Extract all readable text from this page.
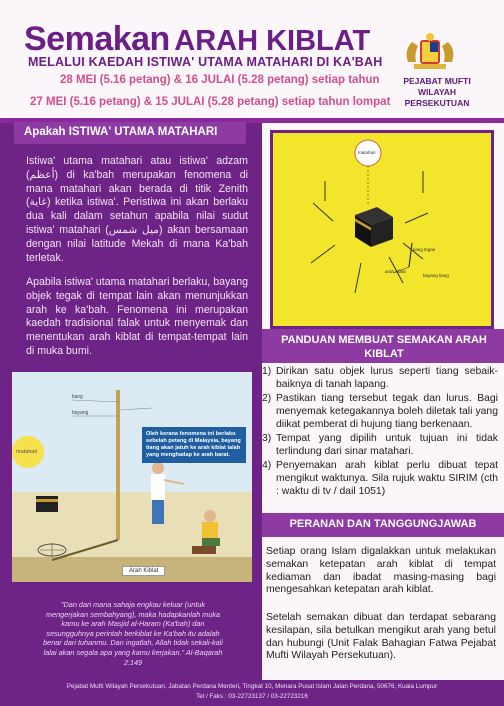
Semakan ARAH KIBLAT
MELALUI KAEDAH ISTIWA' UTAMA MATAHARI DI KA'BAH
28 MEI (5.16 petang) & 16 JULAI (5.28 petang) setiap tahun
27 MEI (5.16 petang) & 15 JULAI (5.28 petang) setiap tahun lompat
PEJABAT MUFTI
WILAYAH PERSEKUTUAN
Apakah ISTIWA' UTAMA MATAHARI
Istiwa' utama matahari atau istiwa' adzam (أعظم) di ka'bah merupakan fenomena di mana matahari akan berada di titik Zenith (غاية) ketika istiwa'. Peristiwa ini akan berlaku dua kali dalam setahun apabila nilai sudut istiwa' matahari (ميل شمس) akan bersamaan dengan nilai latitude Mekah di mana Ka'bah terletak.
Apabila istiwa' utama matahari berlaku, bayang objek tegak di tempat lain akan menunjukkan arah ke ka'bah. Fenomena ini merupakan kaedah tradisional falak untuk menyemak dan menentukan arah kiblat di tempat-tempat lain di muka bumi.
tiang
bayang
matahari
Oleh kerana fenomena ini berlaku sebelah petang di Malaysia, bayang tiang akan jatuh ke arah kiblat ialah yang menghadap ke arah barat.
Arah Kiblat
"Dan dari mana sahaja engkau keluar (untuk mengerjakan sembahyang), maka hadapkanlah muka kamu ke arah Masjid al-Haram (Ka'bah) dan sesungguhnya perintah berkiblat ke Ka'bah itu adalah benar dari tuhanmu. Dan ingatlah, Allah tidak sekali-kali lalai akan segala apa yang kamu kerjakan." Al-Baqarah 2:149
matahari
tiang tegak
arah kiblat
bayang tiang
PANDUAN MEMBUAT SEMAKAN ARAH KIBLAT
1) Dirikan satu objek lurus seperti tiang sebaik-baiknya di tanah lapang.
2) Pastikan tiang tersebut tegak dan lurus. Bagi menyemak ketegakannya boleh diletak tali yang diikat pemberat di hujung tiang berkenaan.
3) Tempat yang dipilih untuk tujuan ini tidak terlindung dari sinar matahari.
4) Penyemakan arah kiblat perlu dibuat tepat mengikut waktunya. Sila rujuk waktu SIRIM (cth : waktu di tv / dail 1051)
PERANAN DAN TANGGUNGJAWAB
Setiap orang Islam digalakkan untuk melakukan semakan ketepatan arah kiblat di tempat kediaman dan ibadat masing-masing bagi mengesahkan ketepatan arah kiblat.
Setelah semakan dibuat dan terdapat sebarang kesilapan, sila betulkan mengikut arah yang betul dan hubungi (Unit Falak Bahagian Fatwa Pejabat Mufti Wilayah Persekutuan).
Pejabat Mufti Wilayah Persekutuan, Jabatan Perdana Menteri, Tingkat 10, Menara Pusat Islam Jalan Perdana, 50676, Kuala Lumpur
Tel / Faks : 03-22723137 / 03-22723216
